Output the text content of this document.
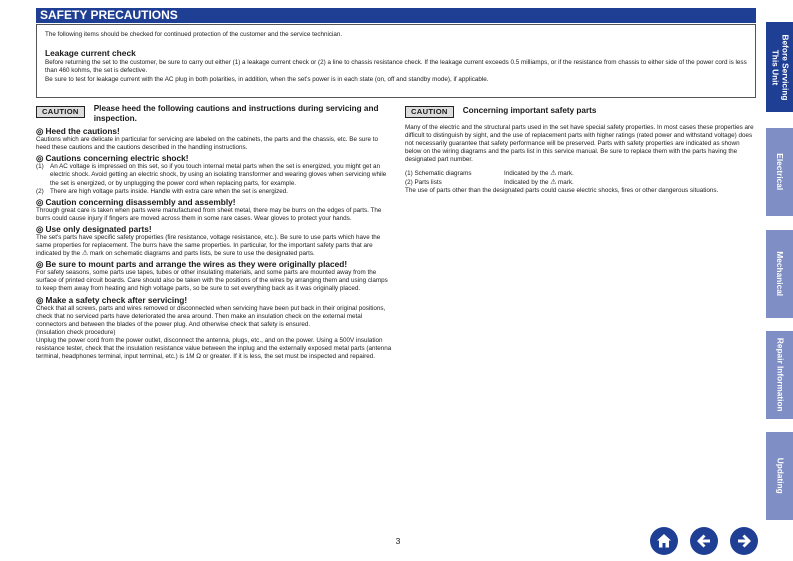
SAFETY PRECAUTIONS

The following items should be checked for continued protection of the customer and the service technician.

Leakage current check

Before returning the set to the customer, be sure to carry out either (1) a leakage current check or (2) a line to chassis resistance check. If the leakage current exceeds 0.5 milliamps, or if the resistance from chassis to either side of the power cord is less than 460 kohms, the set is defective.

Be sure to test for leakage current with the AC plug in both polarities, in addition, when the set's power is in each state (on, off and standby mode), if applicable.

CAUTION	Please heed the following cautions and instructions during servicing and inspection.
◎ Heed the cautions!

Cautions which are delicate in particular for servicing are labeled on the cabinets, the parts and the chassis, etc. Be sure to heed these cautions and the cautions described in the handling instructions.

◎ Cautions concerning electric shock!
(1) An AC voltage is impressed on this set, so if you touch internal metal parts when the set is energized, you might get an electric shock. Avoid getting an electric shock, by using an isolating transformer and wearing gloves when servicing while the set is energized, or by unplugging the power cord when replacing parts, for example.
(2) There are high voltage parts inside. Handle with extra care when the set is energized.
◎ Caution concerning disassembly and assembly!

Through great care is taken when parts were manufactured from sheet metal, there may be burrs on the edges of parts. The burrs could cause injury if fingers are moved across them in some rare cases. Wear gloves to protect your hands.

◎ Use only designated parts!

The set's parts have specific safety properties (fire resistance, voltage resistance, etc.). Be sure to use parts which have the same properties for replacement. The burrs have the same properties. In particular, for the important safety parts that are indicated by the ⚠ mark on schematic diagrams and parts lists, be sure to use the designated parts.

◎ Be sure to mount parts and arrange the wires as they were originally placed!

For safety seasons, some parts use tapes, tubes or other insulating materials, and some parts are mounted away from the surface of printed circuit boards. Care should also be taken with the positions of the wires by arranging them and using clamps to keep them away from heating and high voltage parts, so be sure to set everything back as it was originally placed.

◎ Make a safety check after servicing!

Check that all screws, parts and wires removed or disconnected when servicing have been put back in their original positions, check that no serviced parts have deteriorated the area around. Then make an insulation check on the external metal connectors and between the blades of the power plug. And otherwise check that safety is ensured.

(Insulation check procedure)

Unplug the power cord from the power outlet, disconnect the antenna, plugs, etc., and on the power. Using a 500V insulation resistance tester, check that the insulation resistance value between the inplug and the externally exposed metal parts (antenna terminal, headphones terminal, input terminal, etc.) is 1M Ω or greater. If it is less, the set must be inspected and repaired.

CAUTION	Concerning important safety parts

Many of the electric and the structural parts used in the set have special safety properties. In most cases these properties are difficult to distinguish by sight, and the use of replacement parts with higher ratings (rated power and withstand voltage) does not necessarily guarantee that safety performance will be preserved. Parts with safety properties are indicated as shown below on the wiring diagrams and the parts list in this service manual. Be sure to replace them with the parts having the designated part number.

(1) Schematic diagrams	Indicated by the ⚠ mark.
(2) Parts lists	Indicated by the ⚠ mark.

The use of parts other than the designated parts could cause electric shocks, fires or other dangerous situations.

Before Servicing
This Unit
Electrical
Mechanical
Repair Information
Updating
3
